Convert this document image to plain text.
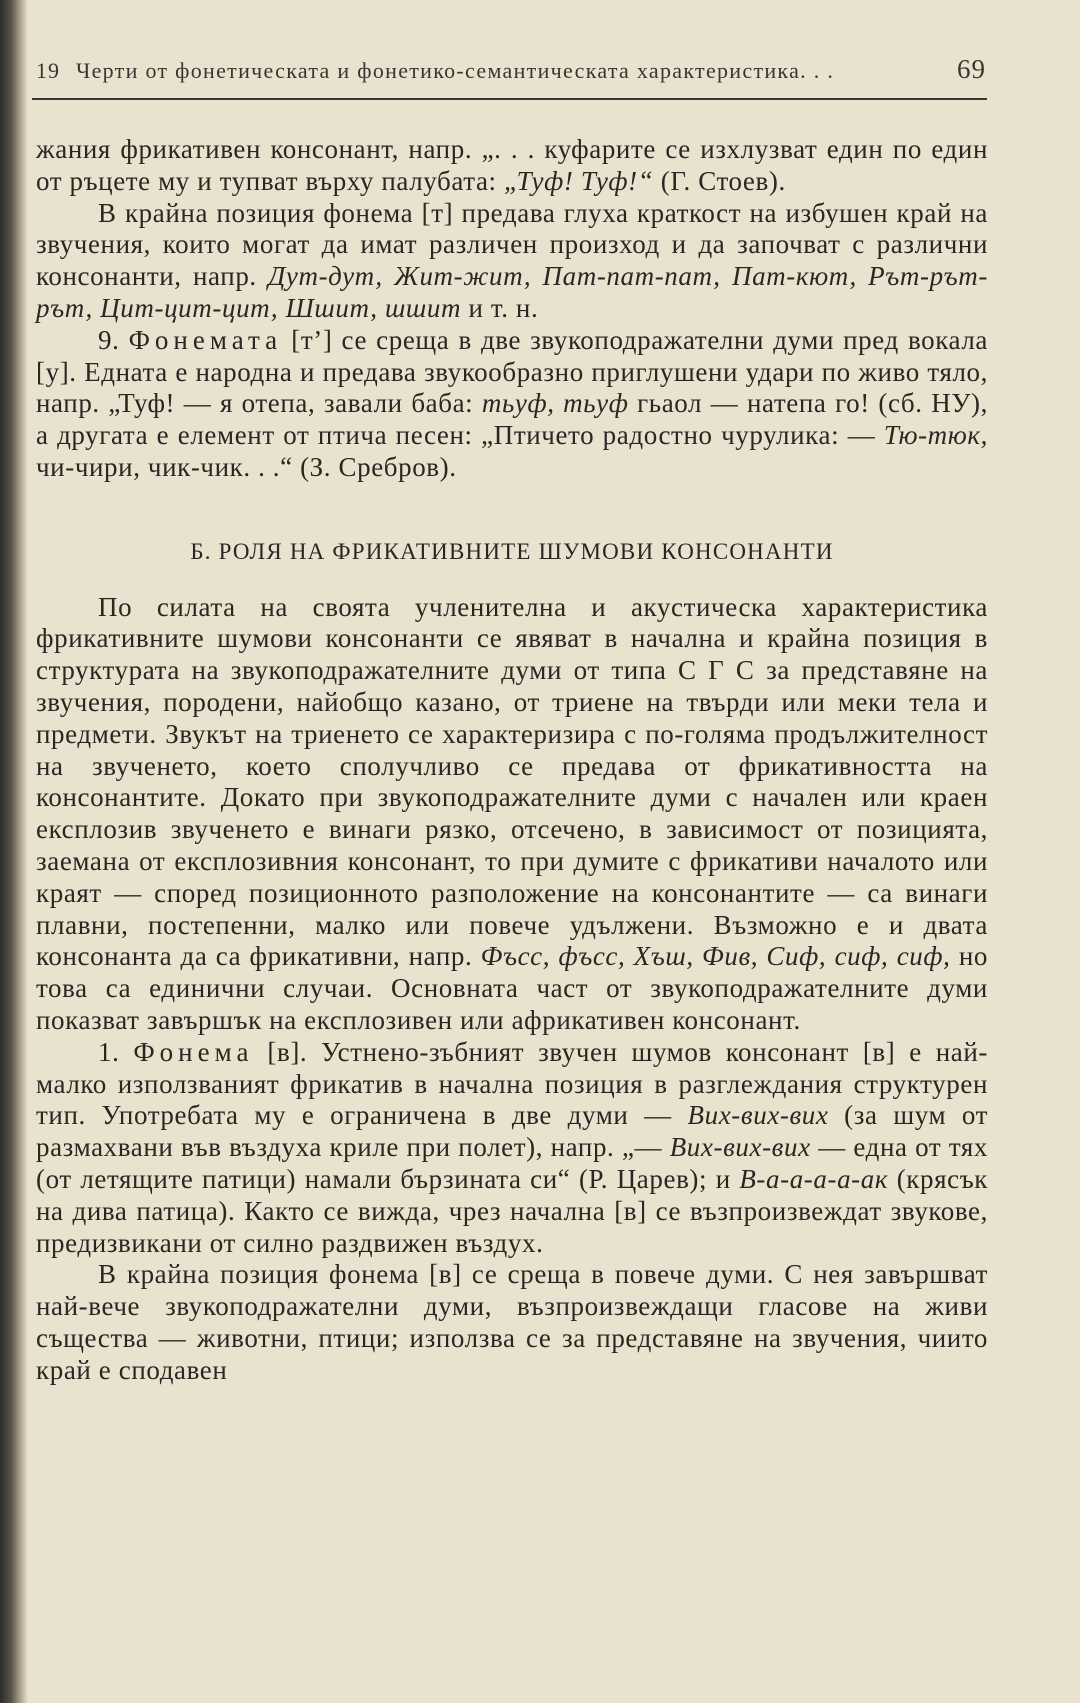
19 Черти от фонетическата и фонетико-семантическата характеристика. . .	69

жания фрикативен консонант, напр. „. . . куфарите се изхлузват един по един от ръцете му и тупват върху палубата: „Туф! Туф!“ (Г. Стоев).

В крайна позиция фонема [т] предава глуха краткост на избушен край на звучения, които могат да имат различен произход и да започват с различни консонанти, напр. Дут-дут, Жит-жит, Пат-пат-пат, Пат-кют, Рът-рът-рът, Цит-цит-цит, Шшит, шшит и т. н.

9. Фонемата [т’] се среща в две звукоподражателни думи пред вокала [у]. Едната е народна и предава звукообразно приглушени удари по живо тяло, напр. „Туф! — я отепа, завали баба: тьуф, тьуф гьаол — натепа го! (сб. НУ), а другата е елемент от птича песен: „Птичето радостно чурулика: — Тю-тюк, чи-чири, чик-чик. . .“ (З. Сребров).

Б. РОЛЯ НА ФРИКАТИВНИТЕ ШУМОВИ КОНСОНАНТИ

По силата на своята учленителна и акустическа характеристика фрикативните шумови консонанти се явяват в начална и крайна позиция в структурата на звукоподражателните думи от типа С Г С за представяне на звучения, породени, найобщо казано, от триене на твърди или меки тела и предмети. Звукът на триенето се характеризира с по-голяма продължителност на звученето, което сполучливо се предава от фрикативността на консонантите. Докато при звукоподражателните думи с начален или краен експлозив звученето е винаги рязко, отсечено, в зависимост от позицията, заемана от експлозивния консонант, то при думите с фрикативи началото или краят — според позиционното разположение на консонантите — са винаги плавни, постепенни, малко или повече удължени. Възможно е и двата консонанта да са фрикативни, напр. Фъсс, фъсс, Хъш, Фив, Сиф, сиф, сиф, но това са единични случаи. Основната част от звукоподражателните думи показват завършък на експлозивен или африкативен консонант.

1. Фонема [в]. Устнено-зъбният звучен шумов консонант [в] е най-малко използваният фрикатив в начална позиция в разглеждания структурен тип. Употребата му е ограничена в две думи — Вих-вих-вих (за шум от размахвани във въздуха криле при полет), напр. „— Вих-вих-вих — една от тях (от летящите патици) намали бързината си“ (Р. Царев); и В-а-а-а-а-ак (крясък на дива патица). Както се вижда, чрез начална [в] се възпроизвеждат звукове, предизвикани от силно раздвижен въздух.

В крайна позиция фонема [в] се среща в повече думи. С нея завършват най-вече звукоподражателни думи, възпроизвеждащи гласове на живи същества — животни, птици; използва се за представяне на звучения, чиито край е сподавен
